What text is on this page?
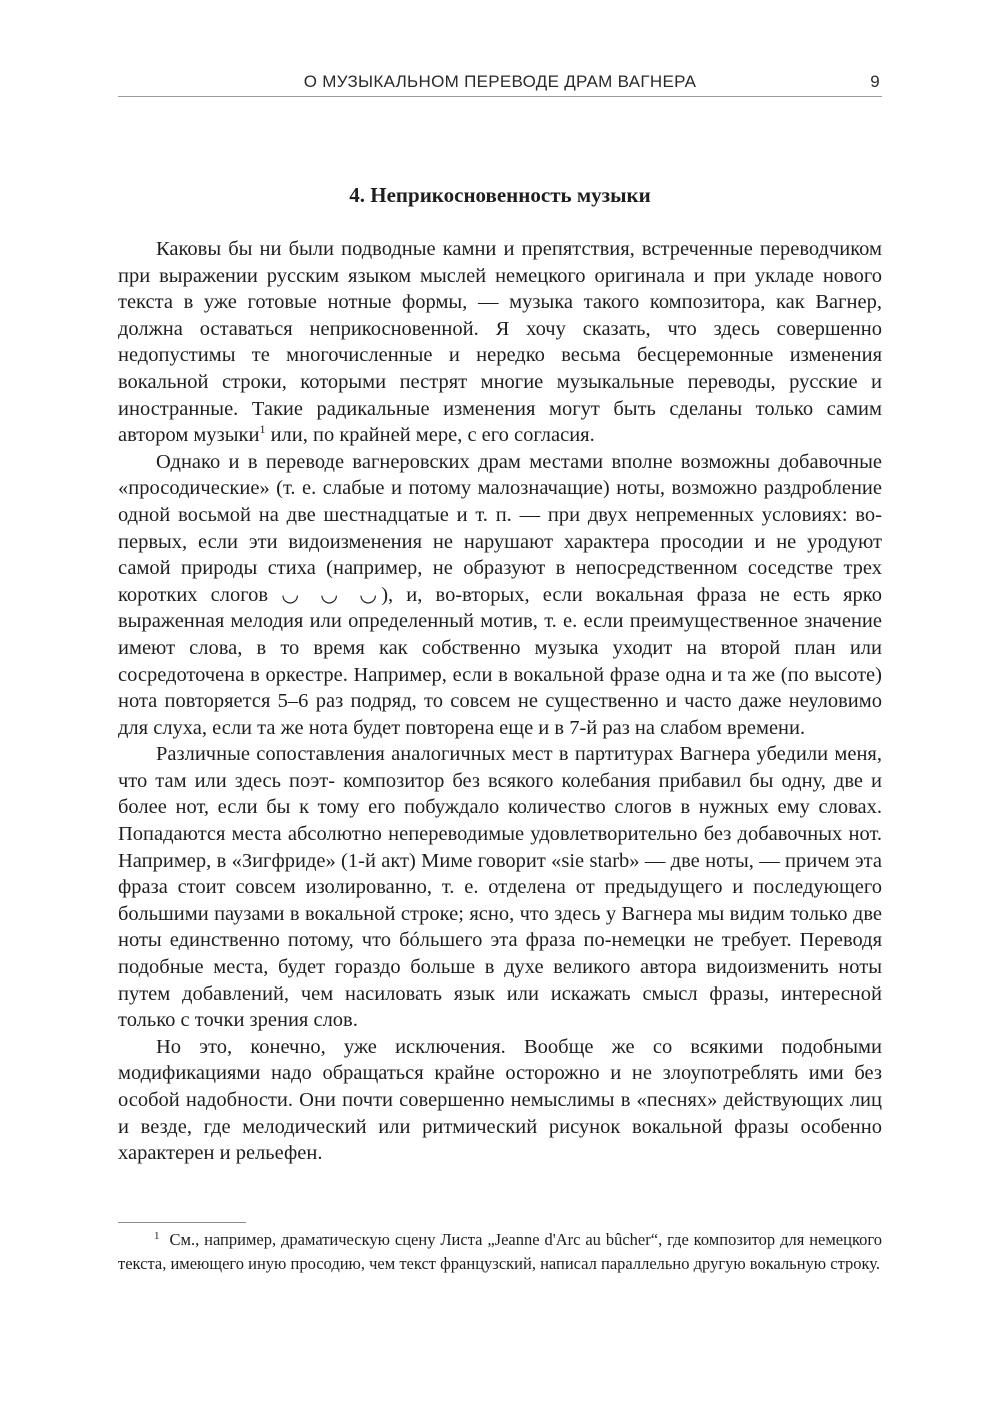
О МУЗЫКАЛЬНОМ ПЕРЕВОДЕ ДРАМ ВАГНЕРА	9
4. Неприкосновенность музыки

Каковы бы ни были подводные камни и препятствия, встреченные переводчиком при выражении русским языком мыслей немецкого оригинала и при укладе нового текста в уже готовые нотные формы, — музыка такого композитора, как Вагнер, должна оставаться неприкосновенной. Я хочу сказать, что здесь совершенно недопустимы те многочисленные и нередко весьма бесцеремонные изменения вокальной строки, которыми пестрят многие музыкальные переводы, русские и иностранные. Такие радикальные изменения могут быть сделаны только самим автором музыки$^1$ или, по крайней мере, с его согласия.

Однако и в переводе вагнеровских драм местами вполне возможны добавочные «просодические» (т. е. слабые и потому малозначащие) ноты, возможно раздробление одной восьмой на две шестнадцатые и т. п. — при двух непременных условиях: во-первых, если эти видоизменения не нарушают характера просодии и не уродуют самой природы стиха (например, не образуют в непосредственном соседстве трех коротких слогов ◡ ◡ ◡), и, во-вторых, если вокальная фраза не есть ярко выраженная мелодия или определенный мотив, т. е. если преимущественное значение имеют слова, в то время как собственно музыка уходит на второй план или сосредоточена в оркестре. Например, если в вокальной фразе одна и та же (по высоте) нота повторяется 5–6 раз подряд, то совсем не существенно и часто даже неуловимо для слуха, если та же нота будет повторена еще и в 7-й раз на слабом времени.

Различные сопоставления аналогичных мест в партитурах Вагнера убедили меня, что там или здесь поэт- композитор без всякого колебания прибавил бы одну, две и более нот, если бы к тому его побуждало количество слогов в нужных ему словах. Попадаются места абсолютно непереводимые удовлетворительно без добавочных нот. Например, в «Зигфриде» (1-й акт) Миме говорит «sie starb» — две ноты, — причем эта фраза стоит совсем изолированно, т. е. отделена от предыдущего и последующего большими паузами в вокальной строке; ясно, что здесь у Вагнера мы видим только две ноты единственно потому, что бóльшего эта фраза по-немецки не требует. Переводя подобные места, будет гораздо больше в духе великого автора видоизменить ноты путем добавлений, чем насиловать язык или искажать смысл фразы, интересной только с точки зрения слов.

Но это, конечно, уже исключения. Вообще же со всякими подобными модификациями надо обращаться крайне осторожно и не злоупотреблять ими без особой надобности. Они почти совершенно немыслимы в «песнях» действующих лиц и везде, где мелодический или ритмический рисунок вокальной фразы особенно характерен и рельефен.

$^1$ См., например, драматическую сцену Листа „Jeanne d'Arc au bûcher“, где композитор для немецкого текста, имеющего иную просодию, чем текст французский, написал параллельно другую вокальную строку.
